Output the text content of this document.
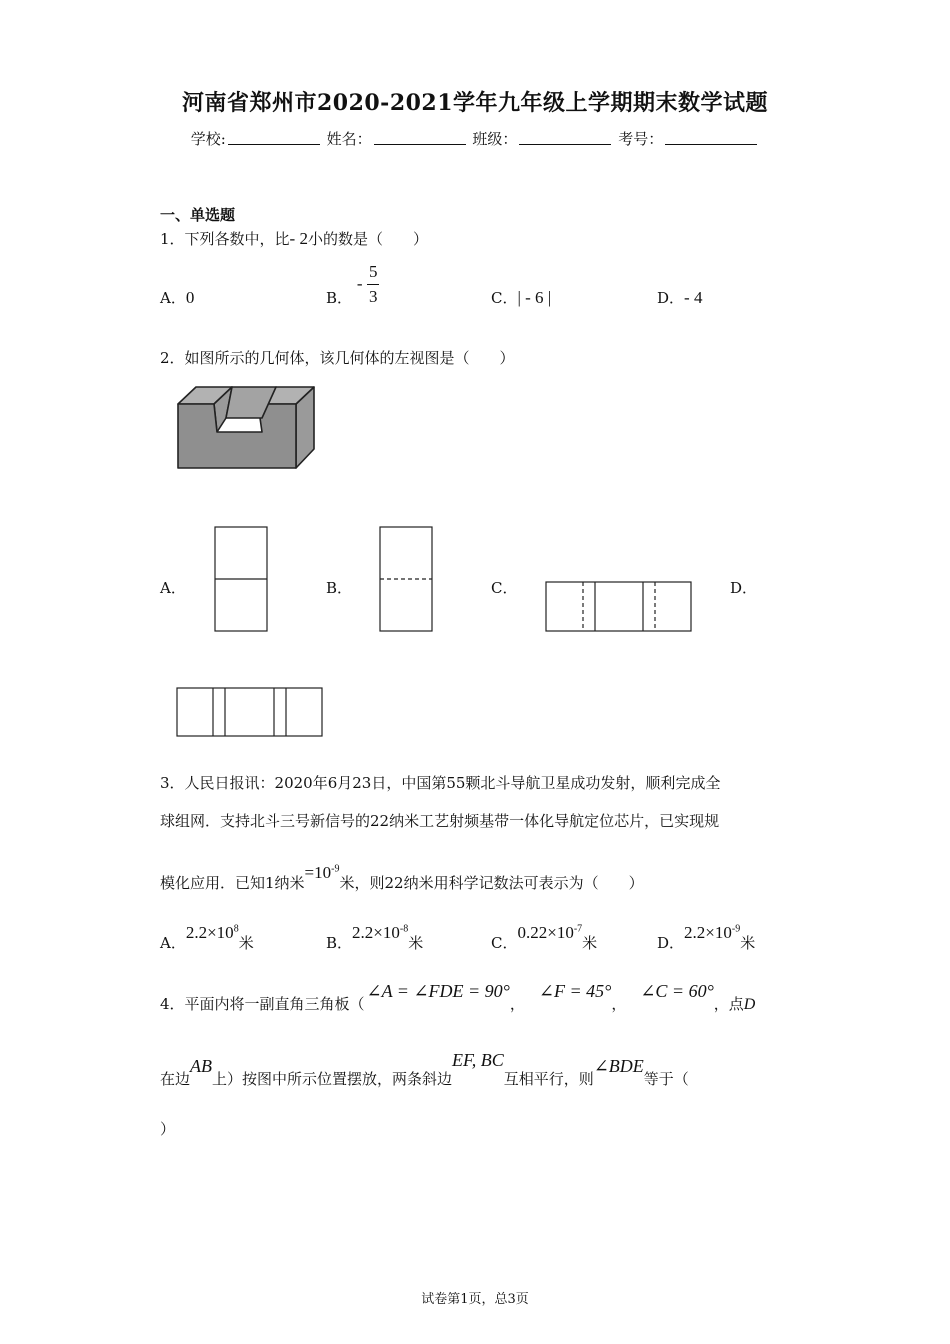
河南省郑州市2020-2021学年九年级上学期期末数学试题
学校:	姓名：	班级：	考号：
一、单选题
1．下列各数中，比- 2小的数是（　　）
A．0	B． - $\frac{5}{3}$	C．| - 6 |	D．- 4
2．如图所示的几何体，该几何体的左视图是（　　）
A．	B．	C．	D．
3．人民日报讯：2020年6月23日，中国第55颗北斗导航卫星成功发射，顺利完成全
球组网．支持北斗三号新信号的22纳米工艺射频基带一体化导航定位芯片，已实现规
模化应用．已知1纳米$=10^{-9}$米，则22纳米用科学记数法可表示为（　　）
A．$2.2\times 10^8$米	B．$2.2\times 10^{-8}$米	C．$0.22\times 10^{-7}$米	D．$2.2\times 10^{-9}$米
4．平面内将一副直角三角板（∠A = ∠FDE = 90°，∠F = 45°，∠C = 60°，点D
在边AB上）按图中所示位置摆放，两条斜边EF, BC互相平行，则∠BDE等于（
）
试卷第1页，总3页
